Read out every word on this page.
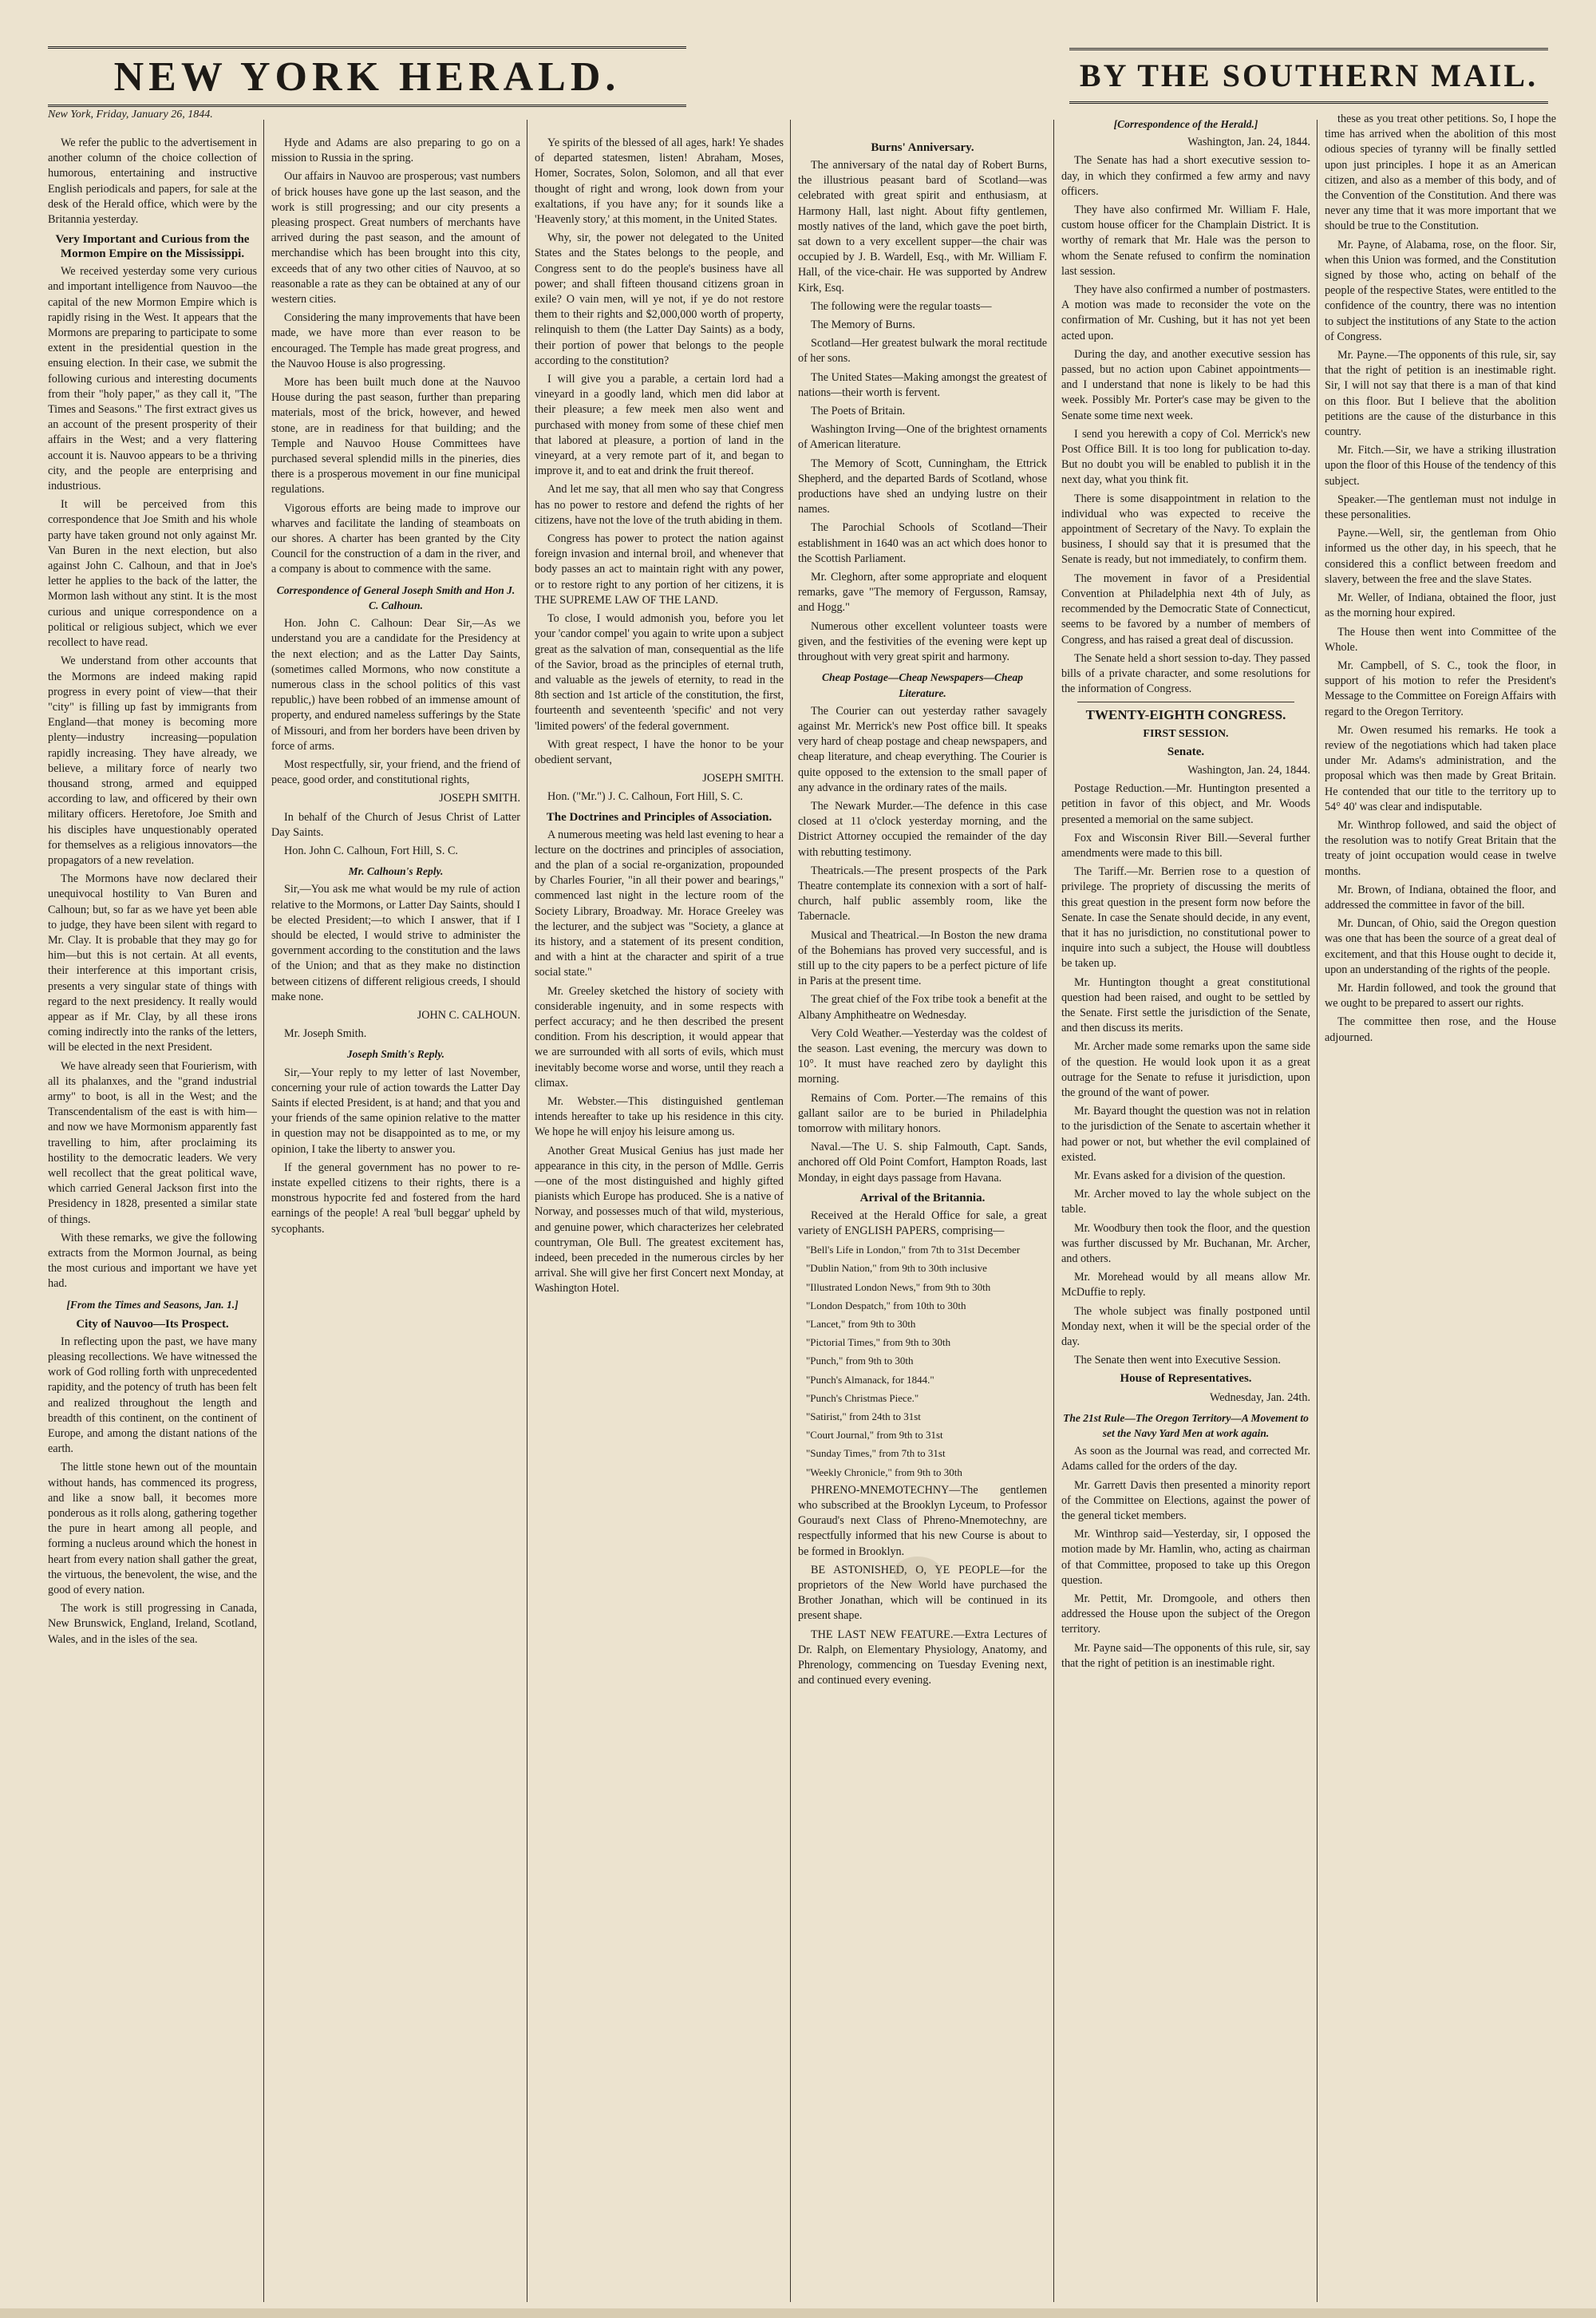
NEW YORK HERALD.
New York, Friday, January 26, 1844.
BY THE SOUTHERN MAIL.

We refer the public to the advertisement in another column of the choice collection of humorous, entertaining and instructive English periodicals and papers, for sale at the desk of the Herald office, which were by the Britannia yesterday.

Very Important and Curious from the Mormon Empire on the Mississippi.

We received yesterday some very curious and important intelligence from Nauvoo—the capital of the new Mormon Empire which is rapidly rising in the West. It appears that the Mormons are preparing to participate to some extent in the presidential question in the ensuing election. In their case, we submit the following curious and interesting documents from their "holy paper," as they call it, "The Times and Seasons." The first extract gives us an account of the present prosperity of their affairs in the West; and a very flattering account it is. Nauvoo appears to be a thriving city, and the people are enterprising and industrious.

It will be perceived from this correspondence that Joe Smith and his whole party have taken ground not only against Mr. Van Buren in the next election, but also against John C. Calhoun, and that in Joe's letter he applies to the back of the latter, the Mormon lash without any stint. It is the most curious and unique correspondence on a political or religious subject, which we ever recollect to have read.

We understand from other accounts that the Mormons are indeed making rapid progress in every point of view—that their "city" is filling up fast by immigrants from England—that money is becoming more plenty—industry increasing—population rapidly increasing. They have already, we believe, a military force of nearly two thousand strong, armed and equipped according to law, and officered by their own military officers. Heretofore, Joe Smith and his disciples have unquestionably operated for themselves as a religious innovators—the propagators of a new revelation.

The Mormons have now declared their unequivocal hostility to Van Buren and Calhoun; but, so far as we have yet been able to judge, they have been silent with regard to Mr. Clay. It is probable that they may go for him—but this is not certain. At all events, their interference at this important crisis, presents a very singular state of things with regard to the next presidency. It really would appear as if Mr. Clay, by all these irons coming indirectly into the ranks of the letters, will be elected in the next President.

We have already seen that Fourierism, with all its phalanxes, and the "grand industrial army" to boot, is all in the West; and the Transcendentalism of the east is with him—and now we have Mormonism apparently fast travelling to him, after proclaiming its hostility to the democratic leaders. We very well recollect that the great political wave, which carried General Jackson first into the Presidency in 1828, presented a similar state of things.

With these remarks, we give the following extracts from the Mormon Journal, as being the most curious and important we have yet had.

[From the Times and Seasons, Jan. 1.]
City of Nauvoo—Its Prospect.

In reflecting upon the past, we have many pleasing recollections. We have witnessed the work of God rolling forth with unprecedented rapidity, and the potency of truth has been felt and realized throughout the length and breadth of this continent, on the continent of Europe, and among the distant nations of the earth.

The little stone hewn out of the mountain without hands, has commenced its progress, and like a snow ball, it becomes more ponderous as it rolls along, gathering together the pure in heart among all people, and forming a nucleus around which the honest in heart from every nation shall gather the great, the virtuous, the benevolent, the wise, and the good of every nation.

The work is still progressing in Canada, New Brunswick, England, Ireland, Scotland, Wales, and in the isles of the sea.

Hyde and Adams are also preparing to go on a mission to Russia in the spring.

Our affairs in Nauvoo are prosperous; vast numbers of brick houses have gone up the last season, and the work is still progressing; and our city presents a pleasing prospect. Great numbers of merchants have arrived during the past season, and the amount of merchandise which has been brought into this city, exceeds that of any two other cities of Nauvoo, at so reasonable a rate as they can be obtained at any of our western cities.

Considering the many improvements that have been made, we have more than ever reason to be encouraged. The Temple has made great progress, and the Nauvoo House is also progressing.

More has been built much done at the Nauvoo House during the past season, further than preparing materials, most of the brick, however, and hewed stone, are in readiness for that building; and the Temple and Nauvoo House Committees have purchased several splendid mills in the pineries, dies there is a prosperous movement in our fine municipal regulations.

Vigorous efforts are being made to improve our wharves and facilitate the landing of steamboats on our shores. A charter has been granted by the City Council for the construction of a dam in the river, and a company is about to commence with the same.

Correspondence of General Joseph Smith and Hon J. C. Calhoun.

Hon. John C. Calhoun: Dear Sir,—As we understand you are a candidate for the Presidency at the next election; and as the Latter Day Saints, (sometimes called Mormons, who now constitute a numerous class in the school politics of this vast republic,) have been robbed of an immense amount of property, and endured nameless sufferings by the State of Missouri, and from her borders have been driven by force of arms.

Most respectfully, sir, your friend, and the friend of peace, good order, and constitutional rights,

JOSEPH SMITH.

In behalf of the Church of Jesus Christ of Latter Day Saints.

Hon. John C. Calhoun, Fort Hill, S. C.

Mr. Calhoun's Reply.

Sir,—You ask me what would be my rule of action relative to the Mormons, or Latter Day Saints, should I be elected President;—to which I answer, that if I should be elected, I would strive to administer the government according to the constitution and the laws of the Union; and that as they make no distinction between citizens of different religious creeds, I should make none.

JOHN C. CALHOUN.

Mr. Joseph Smith.

Joseph Smith's Reply.

Sir,—Your reply to my letter of last November, concerning your rule of action towards the Latter Day Saints if elected President, is at hand; and that you and your friends of the same opinion relative to the matter in question may not be disappointed as to me, or my opinion, I take the liberty to answer you.

If the general government has no power to re-instate expelled citizens to their rights, there is a monstrous hypocrite fed and fostered from the hard earnings of the people! A real 'bull beggar' upheld by sycophants.

Ye spirits of the blessed of all ages, hark! Ye shades of departed statesmen, listen! Abraham, Moses, Homer, Socrates, Solon, Solomon, and all that ever thought of right and wrong, look down from your exaltations, if you have any; for it sounds like a 'Heavenly story,' at this moment, in the United States.

Why, sir, the power not delegated to the United States and the States belongs to the people, and Congress sent to do the people's business have all power; and shall fifteen thousand citizens groan in exile? O vain men, will ye not, if ye do not restore them to their rights and $2,000,000 worth of property, relinquish to them (the Latter Day Saints) as a body, their portion of power that belongs to the people according to the constitution?

I will give you a parable, a certain lord had a vineyard in a goodly land, which men did labor at their pleasure; a few meek men also went and purchased with money from some of these chief men that labored at pleasure, a portion of land in the vineyard, at a very remote part of it, and began to improve it, and to eat and drink the fruit thereof.

And let me say, that all men who say that Congress has no power to restore and defend the rights of her citizens, have not the love of the truth abiding in them.

Congress has power to protect the nation against foreign invasion and internal broil, and whenever that body passes an act to maintain right with any power, or to restore right to any portion of her citizens, it is THE SUPREME LAW OF THE LAND.

To close, I would admonish you, before you let your 'candor compel' you again to write upon a subject great as the salvation of man, consequential as the life of the Savior, broad as the principles of eternal truth, and valuable as the jewels of eternity, to read in the 8th section and 1st article of the constitution, the first, fourteenth and seventeenth 'specific' and not very 'limited powers' of the federal government.

With great respect, I have the honor to be your obedient servant,

JOSEPH SMITH.

Hon. ("Mr.") J. C. Calhoun, Fort Hill, S. C.

The Doctrines and Principles of Association.

A numerous meeting was held last evening to hear a lecture on the doctrines and principles of association, and the plan of a social re-organization, propounded by Charles Fourier, "in all their power and bearings," commenced last night in the lecture room of the Society Library, Broadway. Mr. Horace Greeley was the lecturer, and the subject was "Society, a glance at its history, and a statement of its present condition, and with a hint at the character and spirit of a true social state."

Mr. Greeley sketched the history of society with considerable ingenuity, and in some respects with perfect accuracy; and he then described the present condition. From his description, it would appear that we are surrounded with all sorts of evils, which must inevitably become worse and worse, until they reach a climax.

Mr. Webster.—This distinguished gentleman intends hereafter to take up his residence in this city. We hope he will enjoy his leisure among us.

Another Great Musical Genius has just made her appearance in this city, in the person of Mdlle. Gerris—one of the most distinguished and highly gifted pianists which Europe has produced. She is a native of Norway, and possesses much of that wild, mysterious, and genuine power, which characterizes her celebrated countryman, Ole Bull. The greatest excitement has, indeed, been preceded in the numerous circles by her arrival. She will give her first Concert next Monday, at Washington Hotel.

Burns' Anniversary.

The anniversary of the natal day of Robert Burns, the illustrious peasant bard of Scotland—was celebrated with great spirit and enthusiasm, at Harmony Hall, last night. About fifty gentlemen, mostly natives of the land, which gave the poet birth, sat down to a very excellent supper—the chair was occupied by J. B. Wardell, Esq., with Mr. William F. Hall, of the vice-chair. He was supported by Andrew Kirk, Esq.

The following were the regular toasts—

The Memory of Burns.

Scotland—Her greatest bulwark the moral rectitude of her sons.

The United States—Making amongst the greatest of nations—their worth is fervent.

The Poets of Britain.

Washington Irving—One of the brightest ornaments of American literature.

The Memory of Scott, Cunningham, the Ettrick Shepherd, and the departed Bards of Scotland, whose productions have shed an undying lustre on their names.

The Parochial Schools of Scotland—Their establishment in 1640 was an act which does honor to the Scottish Parliament.

Mr. Cleghorn, after some appropriate and eloquent remarks, gave "The memory of Fergusson, Ramsay, and Hogg."

Numerous other excellent volunteer toasts were given, and the festivities of the evening were kept up throughout with very great spirit and harmony.

Cheap Postage—Cheap Newspapers—Cheap Literature.

The Courier can out yesterday rather savagely against Mr. Merrick's new Post office bill. It speaks very hard of cheap postage and cheap newspapers, and cheap literature, and cheap everything. The Courier is quite opposed to the extension to the small paper of any advance in the ordinary rates of the mails.

The Newark Murder.—The defence in this case closed at 11 o'clock yesterday morning, and the District Attorney occupied the remainder of the day with rebutting testimony.

Theatricals.—The present prospects of the Park Theatre contemplate its connexion with a sort of half-church, half public assembly room, like the Tabernacle.

Musical and Theatrical.—In Boston the new drama of the Bohemians has proved very successful, and is still up to the city papers to be a perfect picture of life in Paris at the present time.

The great chief of the Fox tribe took a benefit at the Albany Amphitheatre on Wednesday.

Very Cold Weather.—Yesterday was the coldest of the season. Last evening, the mercury was down to 10°. It must have reached zero by daylight this morning.

Remains of Com. Porter.—The remains of this gallant sailor are to be buried in Philadelphia tomorrow with military honors.

Naval.—The U. S. ship Falmouth, Capt. Sands, anchored off Old Point Comfort, Hampton Roads, last Monday, in eight days passage from Havana.

Arrival of the Britannia.

Received at the Herald Office for sale, a great variety of ENGLISH PAPERS, comprising—

"Bell's Life in London," from 7th to 31st December

"Dublin Nation," from 9th to 30th inclusive

"Illustrated London News," from 9th to 30th

"London Despatch," from 10th to 30th

"Lancet," from 9th to 30th

"Pictorial Times," from 9th to 30th

"Punch," from 9th to 30th

"Punch's Almanack, for 1844."

"Punch's Christmas Piece."

"Satirist," from 24th to 31st

"Court Journal," from 9th to 31st

"Sunday Times," from 7th to 31st

"Weekly Chronicle," from 9th to 30th

PHRENO-MNEMOTECHNY—The gentlemen who subscribed at the Brooklyn Lyceum, to Professor Gouraud's next Class of Phreno-Mnemotechny, are respectfully informed that his new Course is about to be formed in Brooklyn.

BE ASTONISHED, O, YE PEOPLE—for the proprietors of the New World have purchased the Brother Jonathan, which will be continued in its present shape.

THE LAST NEW FEATURE.—Extra Lectures of Dr. Ralph, on Elementary Physiology, Anatomy, and Phrenology, commencing on Tuesday Evening next, and continued every evening.

[Correspondence of the Herald.]

Washington, Jan. 24, 1844.

The Senate has had a short executive session to-day, in which they confirmed a few army and navy officers.

They have also confirmed Mr. William F. Hale, custom house officer for the Champlain District. It is worthy of remark that Mr. Hale was the person to whom the Senate refused to confirm the nomination last session.

They have also confirmed a number of postmasters. A motion was made to reconsider the vote on the confirmation of Mr. Cushing, but it has not yet been acted upon.

During the day, and another executive session has passed, but no action upon Cabinet appointments—and I understand that none is likely to be had this week. Possibly Mr. Porter's case may be given to the Senate some time next week.

I send you herewith a copy of Col. Merrick's new Post Office Bill. It is too long for publication to-day. But no doubt you will be enabled to publish it in the next day, what you think fit.

There is some disappointment in relation to the individual who was expected to receive the appointment of Secretary of the Navy. To explain the business, I should say that it is presumed that the Senate is ready, but not immediately, to confirm them.

The movement in favor of a Presidential Convention at Philadelphia next 4th of July, as recommended by the Democratic State of Connecticut, seems to be favored by a number of members of Congress, and has raised a great deal of discussion.

The Senate held a short session to-day. They passed bills of a private character, and some resolutions for the information of Congress.

TWENTY-EIGHTH CONGRESS.
FIRST SESSION.
Senate.

Washington, Jan. 24, 1844.

Postage Reduction.—Mr. Huntington presented a petition in favor of this object, and Mr. Woods presented a memorial on the same subject.

Fox and Wisconsin River Bill.—Several further amendments were made to this bill.

The Tariff.—Mr. Berrien rose to a question of privilege. The propriety of discussing the merits of this great question in the present form now before the Senate. In case the Senate should decide, in any event, that it has no jurisdiction, no constitutional power to inquire into such a subject, the House will doubtless be taken up.

Mr. Huntington thought a great constitutional question had been raised, and ought to be settled by the Senate. First settle the jurisdiction of the Senate, and then discuss its merits.

Mr. Archer made some remarks upon the same side of the question. He would look upon it as a great outrage for the Senate to refuse it jurisdiction, upon the ground of the want of power.

Mr. Bayard thought the question was not in relation to the jurisdiction of the Senate to ascertain whether it had power or not, but whether the evil complained of existed.

Mr. Evans asked for a division of the question.

Mr. Archer moved to lay the whole subject on the table.

Mr. Woodbury then took the floor, and the question was further discussed by Mr. Buchanan, Mr. Archer, and others.

Mr. Morehead would by all means allow Mr. McDuffie to reply.

The whole subject was finally postponed until Monday next, when it will be the special order of the day.

The Senate then went into Executive Session.

House of Representatives.

Wednesday, Jan. 24th.

The 21st Rule—The Oregon Territory—A Movement to set the Navy Yard Men at work again.

As soon as the Journal was read, and corrected Mr. Adams called for the orders of the day.

Mr. Garrett Davis then presented a minority report of the Committee on Elections, against the power of the general ticket members.

Mr. Winthrop said—Yesterday, sir, I opposed the motion made by Mr. Hamlin, who, acting as chairman of that Committee, proposed to take up this Oregon question.

Mr. Pettit, Mr. Dromgoole, and others then addressed the House upon the subject of the Oregon territory.

Mr. Payne said—The opponents of this rule, sir, say that the right of petition is an inestimable right.

these as you treat other petitions. So, I hope the time has arrived when the abolition of this most odious species of tyranny will be finally settled upon just principles. I hope it as an American citizen, and also as a member of this body, and of the Convention of the Constitution. And there was never any time that it was more important that we should be true to the Constitution.

Mr. Payne, of Alabama, rose, on the floor. Sir, when this Union was formed, and the Constitution signed by those who, acting on behalf of the people of the respective States, were entitled to the confidence of the country, there was no intention to subject the institutions of any State to the action of Congress.

Mr. Payne.—The opponents of this rule, sir, say that the right of petition is an inestimable right. Sir, I will not say that there is a man of that kind on this floor. But I believe that the abolition petitions are the cause of the disturbance in this country.

Mr. Fitch.—Sir, we have a striking illustration upon the floor of this House of the tendency of this subject.

Speaker.—The gentleman must not indulge in these personalities.

Payne.—Well, sir, the gentleman from Ohio informed us the other day, in his speech, that he considered this a conflict between freedom and slavery, between the free and the slave States.

Mr. Weller, of Indiana, obtained the floor, just as the morning hour expired.

The House then went into Committee of the Whole.

Mr. Campbell, of S. C., took the floor, in support of his motion to refer the President's Message to the Committee on Foreign Affairs with regard to the Oregon Territory.

Mr. Owen resumed his remarks. He took a review of the negotiations which had taken place under Mr. Adams's administration, and the proposal which was then made by Great Britain. He contended that our title to the territory up to 54° 40' was clear and indisputable.

Mr. Winthrop followed, and said the object of the resolution was to notify Great Britain that the treaty of joint occupation would cease in twelve months.

Mr. Brown, of Indiana, obtained the floor, and addressed the committee in favor of the bill.

Mr. Duncan, of Ohio, said the Oregon question was one that has been the source of a great deal of excitement, and that this House ought to decide it, upon an understanding of the rights of the people.

Mr. Hardin followed, and took the ground that we ought to be prepared to assert our rights.

The committee then rose, and the House adjourned.
